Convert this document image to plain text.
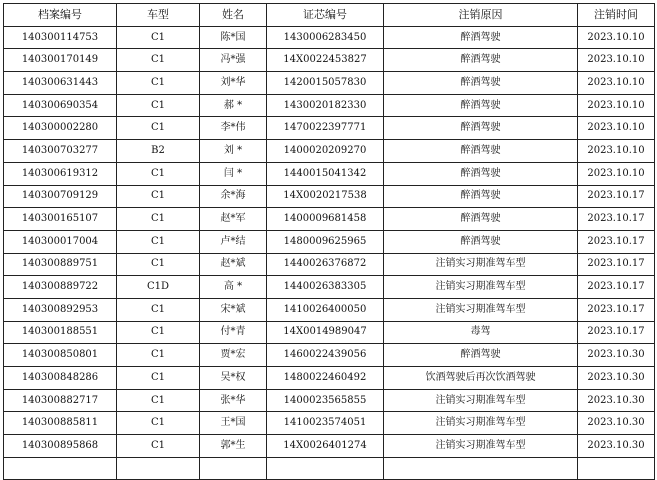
档案编号	车型	姓名	证芯编号	注销原因	注销时间
140300114753	C1	陈*国	1430006283450	醉酒驾驶	2023.10.10
140300170149	C1	冯*强	14X0022453827	醉酒驾驶	2023.10.10
140300631443	C1	刘*华	1420015057830	醉酒驾驶	2023.10.10
140300690354	C1	郝 *	1430020182330	醉酒驾驶	2023.10.10
140300002280	C1	李*伟	1470022397771	醉酒驾驶	2023.10.10
140300703277	B2	刘 *	1400020209270	醉酒驾驶	2023.10.10
140300619312	C1	闫 *	1440015041342	醉酒驾驶	2023.10.10
140300709129	C1	余*海	14X0020217538	醉酒驾驶	2023.10.17
140300165107	C1	赵*军	1400009681458	醉酒驾驶	2023.10.17
140300017004	C1	卢*结	1480009625965	醉酒驾驶	2023.10.17
140300889751	C1	赵*斌	1440026376872	注销实习期准驾车型	2023.10.17
140300889722	C1D	高 *	1440026383305	注销实习期准驾车型	2023.10.17
140300892953	C1	宋*斌	1410026400050	注销实习期准驾车型	2023.10.17
140300188551	C1	付*青	14X0014989047	毒驾	2023.10.17
140300850801	C1	贾*宏	1460022439056	醉酒驾驶	2023.10.30
140300848286	C1	吴*权	1480022460492	饮酒驾驶后再次饮酒驾驶	2023.10.30
140300882717	C1	张*华	1400023565855	注销实习期准驾车型	2023.10.30
140300885811	C1	王*国	1410023574051	注销实习期准驾车型	2023.10.30
140300895868	C1	郭*生	14X0026401274	注销实习期准驾车型	2023.10.30
